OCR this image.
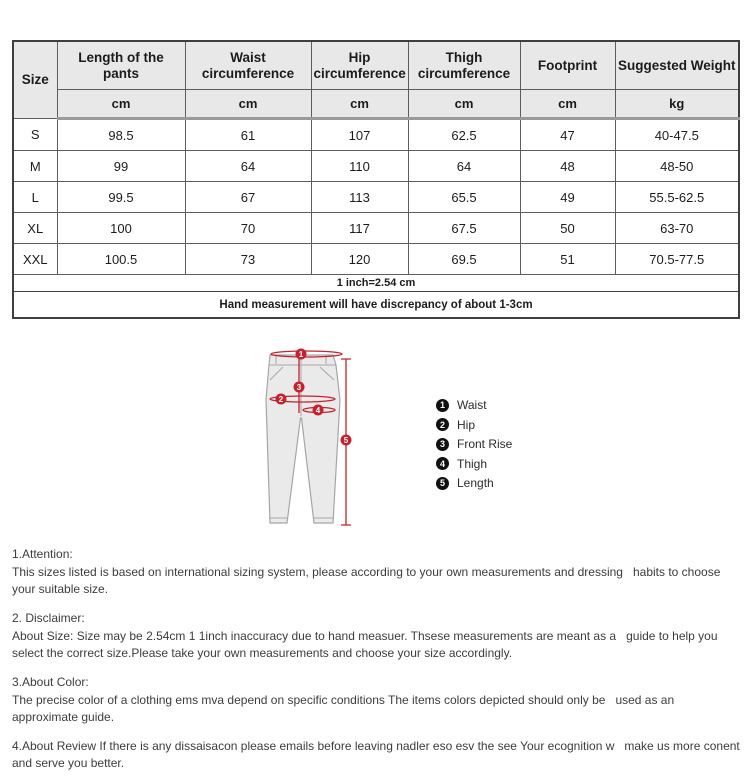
Size	Length of the pants	Waist circumference	Hip circumference	Thigh circumference	Footprint	Suggested Weight
	cm	cm	cm	cm	cm	kg
S	98.5	61	107	62.5	47	40-47.5
M	99	64	110	64	48	48-50
L	99.5	67	113	65.5	49	55.5-62.5
XL	100	70	117	67.5	50	63-70
XXL	100.5	73	120	69.5	51	70.5-77.5
1 inch=2.54 cm						
Hand measurement will have discrepancy of about 1-3cm						
1
2
3
4
5
1	Waist
2	Hip
3	Front Rise
4	Thigh
5	Length
1.Attention:
This sizes listed is based on international sizing system, please according to your own measurements and dressing   habits to choose your suitable size.
2. Disclaimer:
About Size: Size may be 2.54cm 1 1inch inaccuracy due to hand measuer. Thsese measurements are meant as a   guide to help you select the correct size.Please take your own measurements and choose your size accordingly.
3.About Color:
The precise color of a clothing ems mva depend on specific conditions The items colors depicted should only be   used as an approximate guide.
4.About Review If there is any dissaisacon please emails before leaving nadler eso esv the see Your ecognition w   make us more conent and serve you better.
